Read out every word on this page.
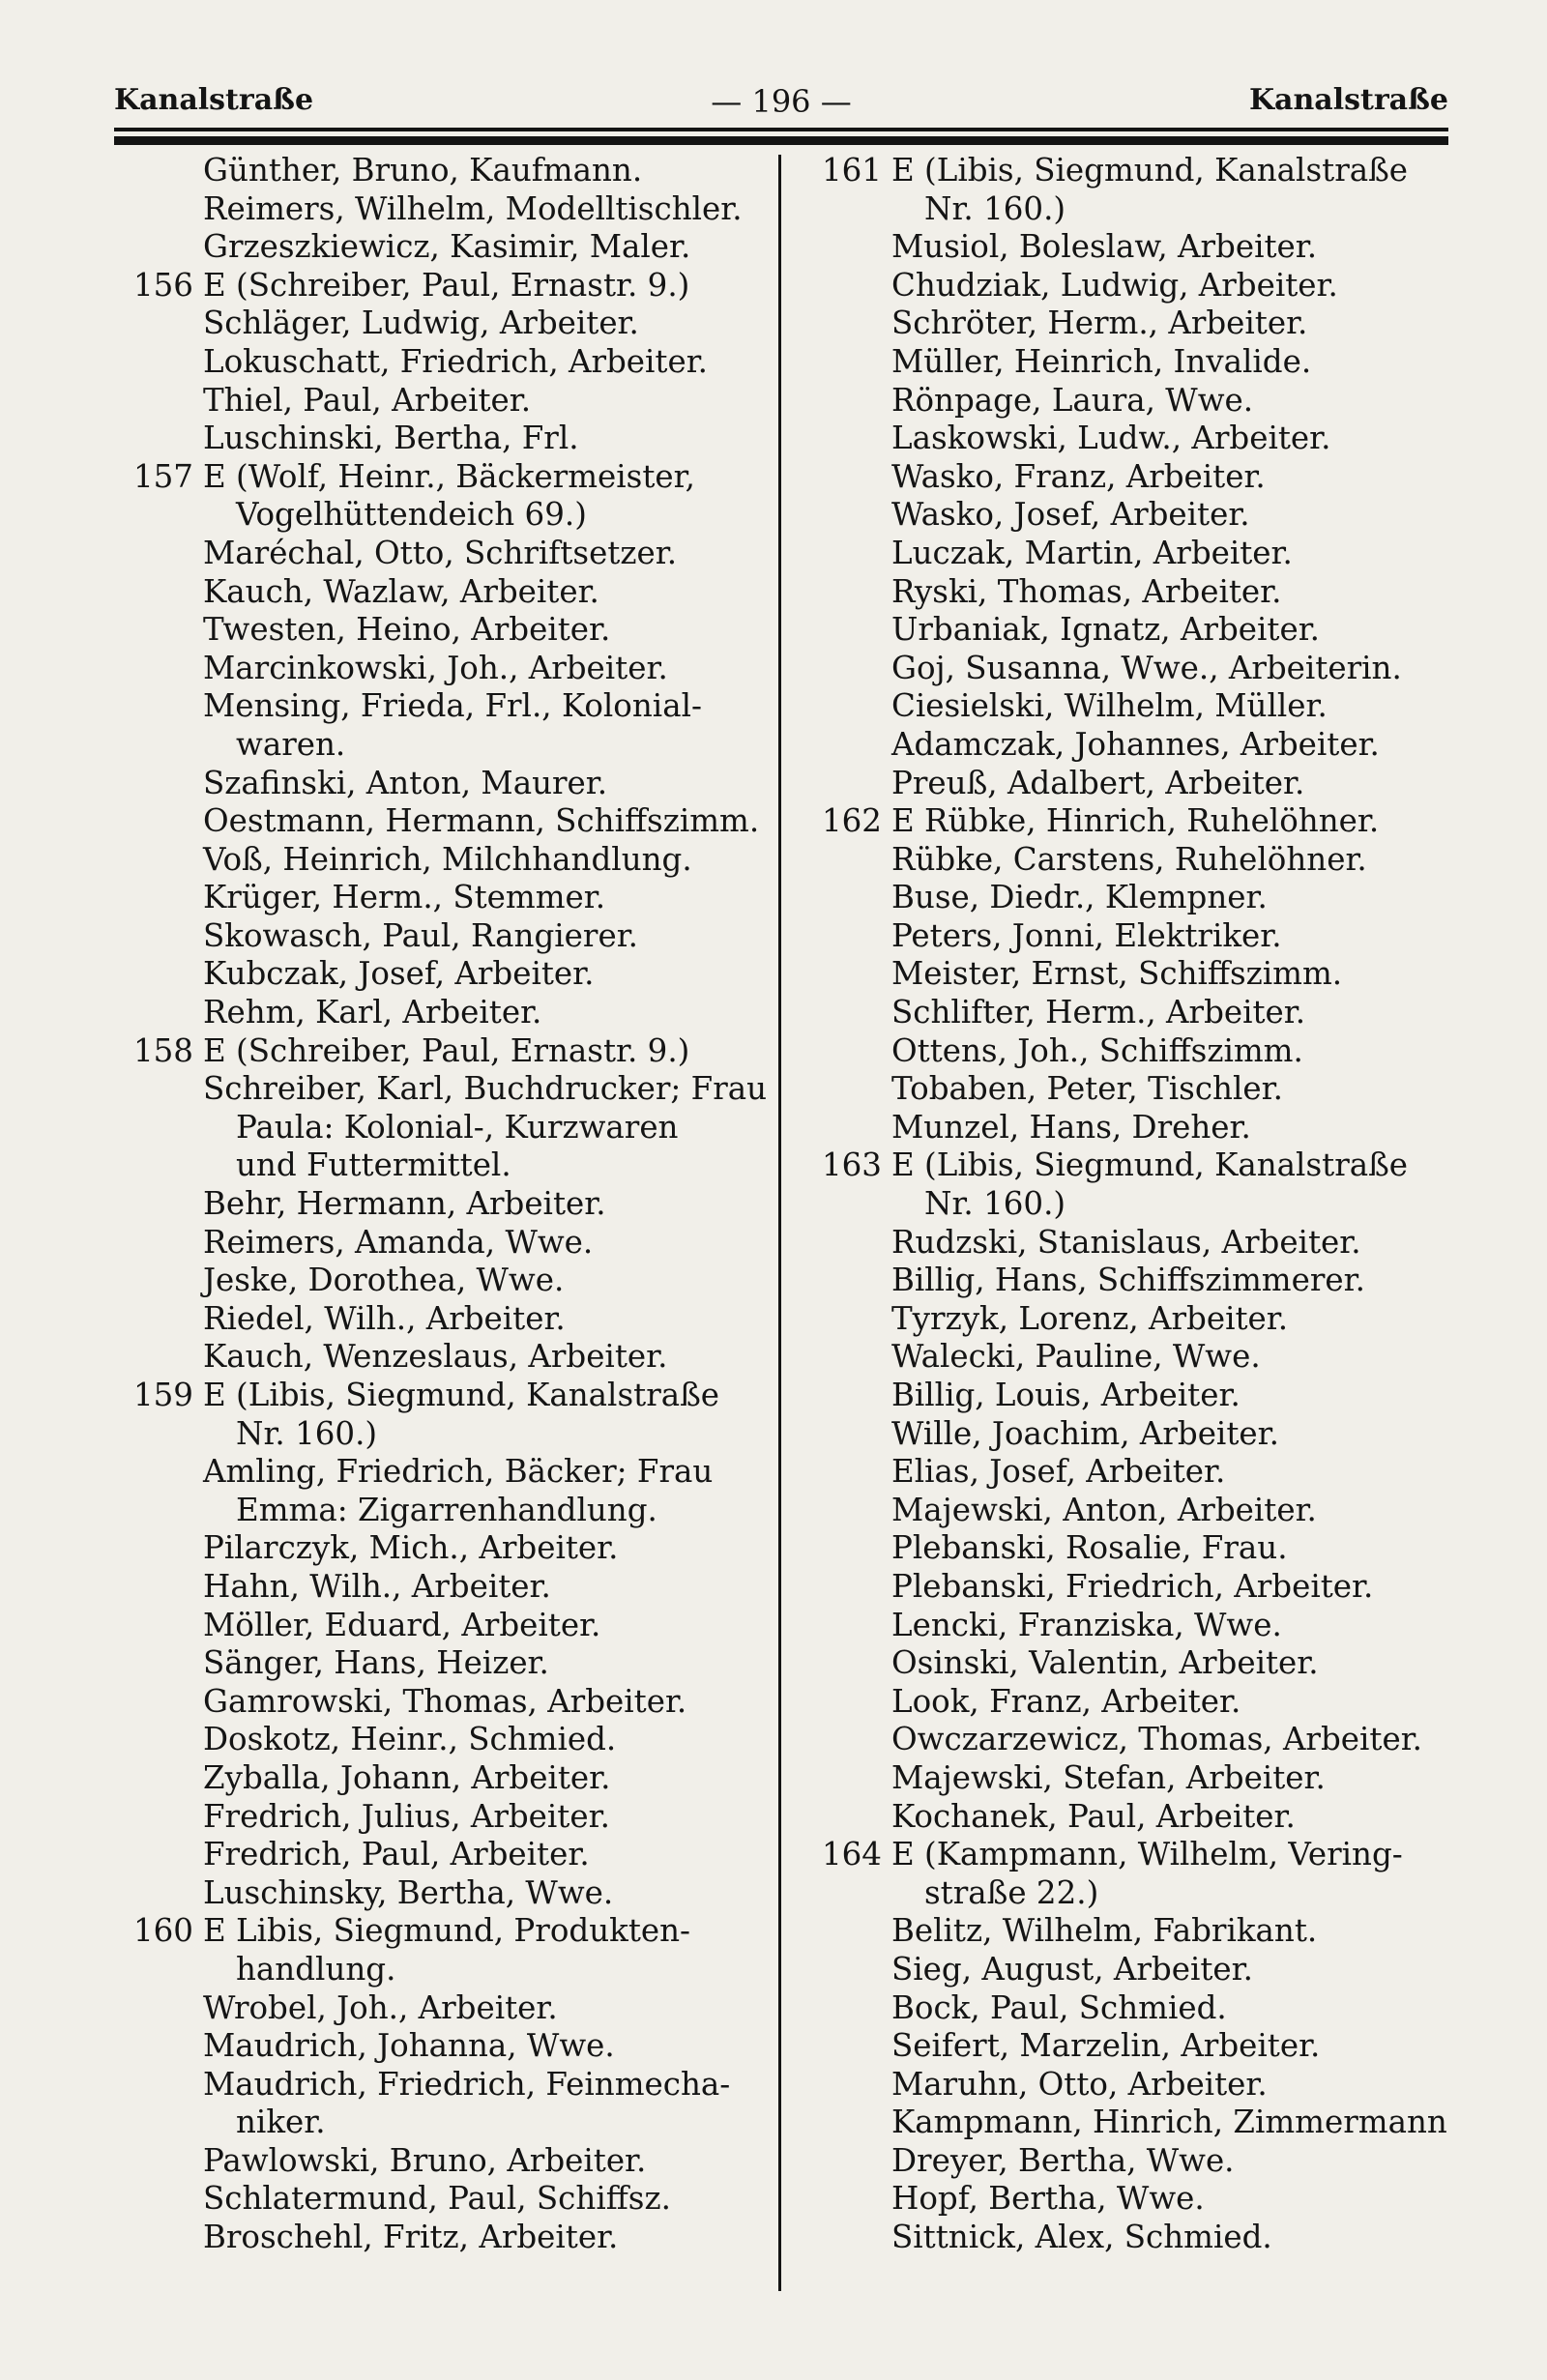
Kanalstraße	— 196 —	Kanalstraße
Günther, Bruno, Kaufmann.
Reimers, Wilhelm, Modelltischler.
Grzeszkiewicz, Kasimir, Maler.
156 E (Schreiber, Paul, Ernastr. 9.)
Schläger, Ludwig, Arbeiter.
Lokuschatt, Friedrich, Arbeiter.
Thiel, Paul, Arbeiter.
Luschinski, Bertha, Frl.
157 E (Wolf, Heinr., Bäckermeister,
Vogelhüttendeich 69.)
Maréchal, Otto, Schriftsetzer.
Kauch, Wazlaw, Arbeiter.
Twesten, Heino, Arbeiter.
Marcinkowski, Joh., Arbeiter.
Mensing, Frieda, Frl., Kolonial-
waren.
Szafinski, Anton, Maurer.
Oestmann, Hermann, Schiffszimm.
Voß, Heinrich, Milchhandlung.
Krüger, Herm., Stemmer.
Skowasch, Paul, Rangierer.
Kubczak, Josef, Arbeiter.
Rehm, Karl, Arbeiter.
158 E (Schreiber, Paul, Ernastr. 9.)
Schreiber, Karl, Buchdrucker; Frau
Paula: Kolonial-, Kurzwaren
und Futtermittel.
Behr, Hermann, Arbeiter.
Reimers, Amanda, Wwe.
Jeske, Dorothea, Wwe.
Riedel, Wilh., Arbeiter.
Kauch, Wenzeslaus, Arbeiter.
159 E (Libis, Siegmund, Kanalstraße
Nr. 160.)
Amling, Friedrich, Bäcker; Frau
Emma: Zigarrenhandlung.
Pilarczyk, Mich., Arbeiter.
Hahn, Wilh., Arbeiter.
Möller, Eduard, Arbeiter.
Sänger, Hans, Heizer.
Gamrowski, Thomas, Arbeiter.
Doskotz, Heinr., Schmied.
Zyballa, Johann, Arbeiter.
Fredrich, Julius, Arbeiter.
Fredrich, Paul, Arbeiter.
Luschinsky, Bertha, Wwe.
160 E Libis, Siegmund, Produkten-
handlung.
Wrobel, Joh., Arbeiter.
Maudrich, Johanna, Wwe.
Maudrich, Friedrich, Feinmecha-
niker.
Pawlowski, Bruno, Arbeiter.
Schlatermund, Paul, Schiffsz.
Broschehl, Fritz, Arbeiter.
161 E (Libis, Siegmund, Kanalstraße
Nr. 160.)
Musiol, Boleslaw, Arbeiter.
Chudziak, Ludwig, Arbeiter.
Schröter, Herm., Arbeiter.
Müller, Heinrich, Invalide.
Rönpage, Laura, Wwe.
Laskowski, Ludw., Arbeiter.
Wasko, Franz, Arbeiter.
Wasko, Josef, Arbeiter.
Luczak, Martin, Arbeiter.
Ryski, Thomas, Arbeiter.
Urbaniak, Ignatz, Arbeiter.
Goj, Susanna, Wwe., Arbeiterin.
Ciesielski, Wilhelm, Müller.
Adamczak, Johannes, Arbeiter.
Preuß, Adalbert, Arbeiter.
162 E Rübke, Hinrich, Ruhelöhner.
Rübke, Carstens, Ruhelöhner.
Buse, Diedr., Klempner.
Peters, Jonni, Elektriker.
Meister, Ernst, Schiffszimm.
Schlifter, Herm., Arbeiter.
Ottens, Joh., Schiffszimm.
Tobaben, Peter, Tischler.
Munzel, Hans, Dreher.
163 E (Libis, Siegmund, Kanalstraße
Nr. 160.)
Rudzski, Stanislaus, Arbeiter.
Billig, Hans, Schiffszimmerer.
Tyrzyk, Lorenz, Arbeiter.
Walecki, Pauline, Wwe.
Billig, Louis, Arbeiter.
Wille, Joachim, Arbeiter.
Elias, Josef, Arbeiter.
Majewski, Anton, Arbeiter.
Plebanski, Rosalie, Frau.
Plebanski, Friedrich, Arbeiter.
Lencki, Franziska, Wwe.
Osinski, Valentin, Arbeiter.
Look, Franz, Arbeiter.
Owczarzewicz, Thomas, Arbeiter.
Majewski, Stefan, Arbeiter.
Kochanek, Paul, Arbeiter.
164 E (Kampmann, Wilhelm, Vering-
straße 22.)
Belitz, Wilhelm, Fabrikant.
Sieg, August, Arbeiter.
Bock, Paul, Schmied.
Seifert, Marzelin, Arbeiter.
Maruhn, Otto, Arbeiter.
Kampmann, Hinrich, Zimmermann
Dreyer, Bertha, Wwe.
Hopf, Bertha, Wwe.
Sittnick, Alex, Schmied.
